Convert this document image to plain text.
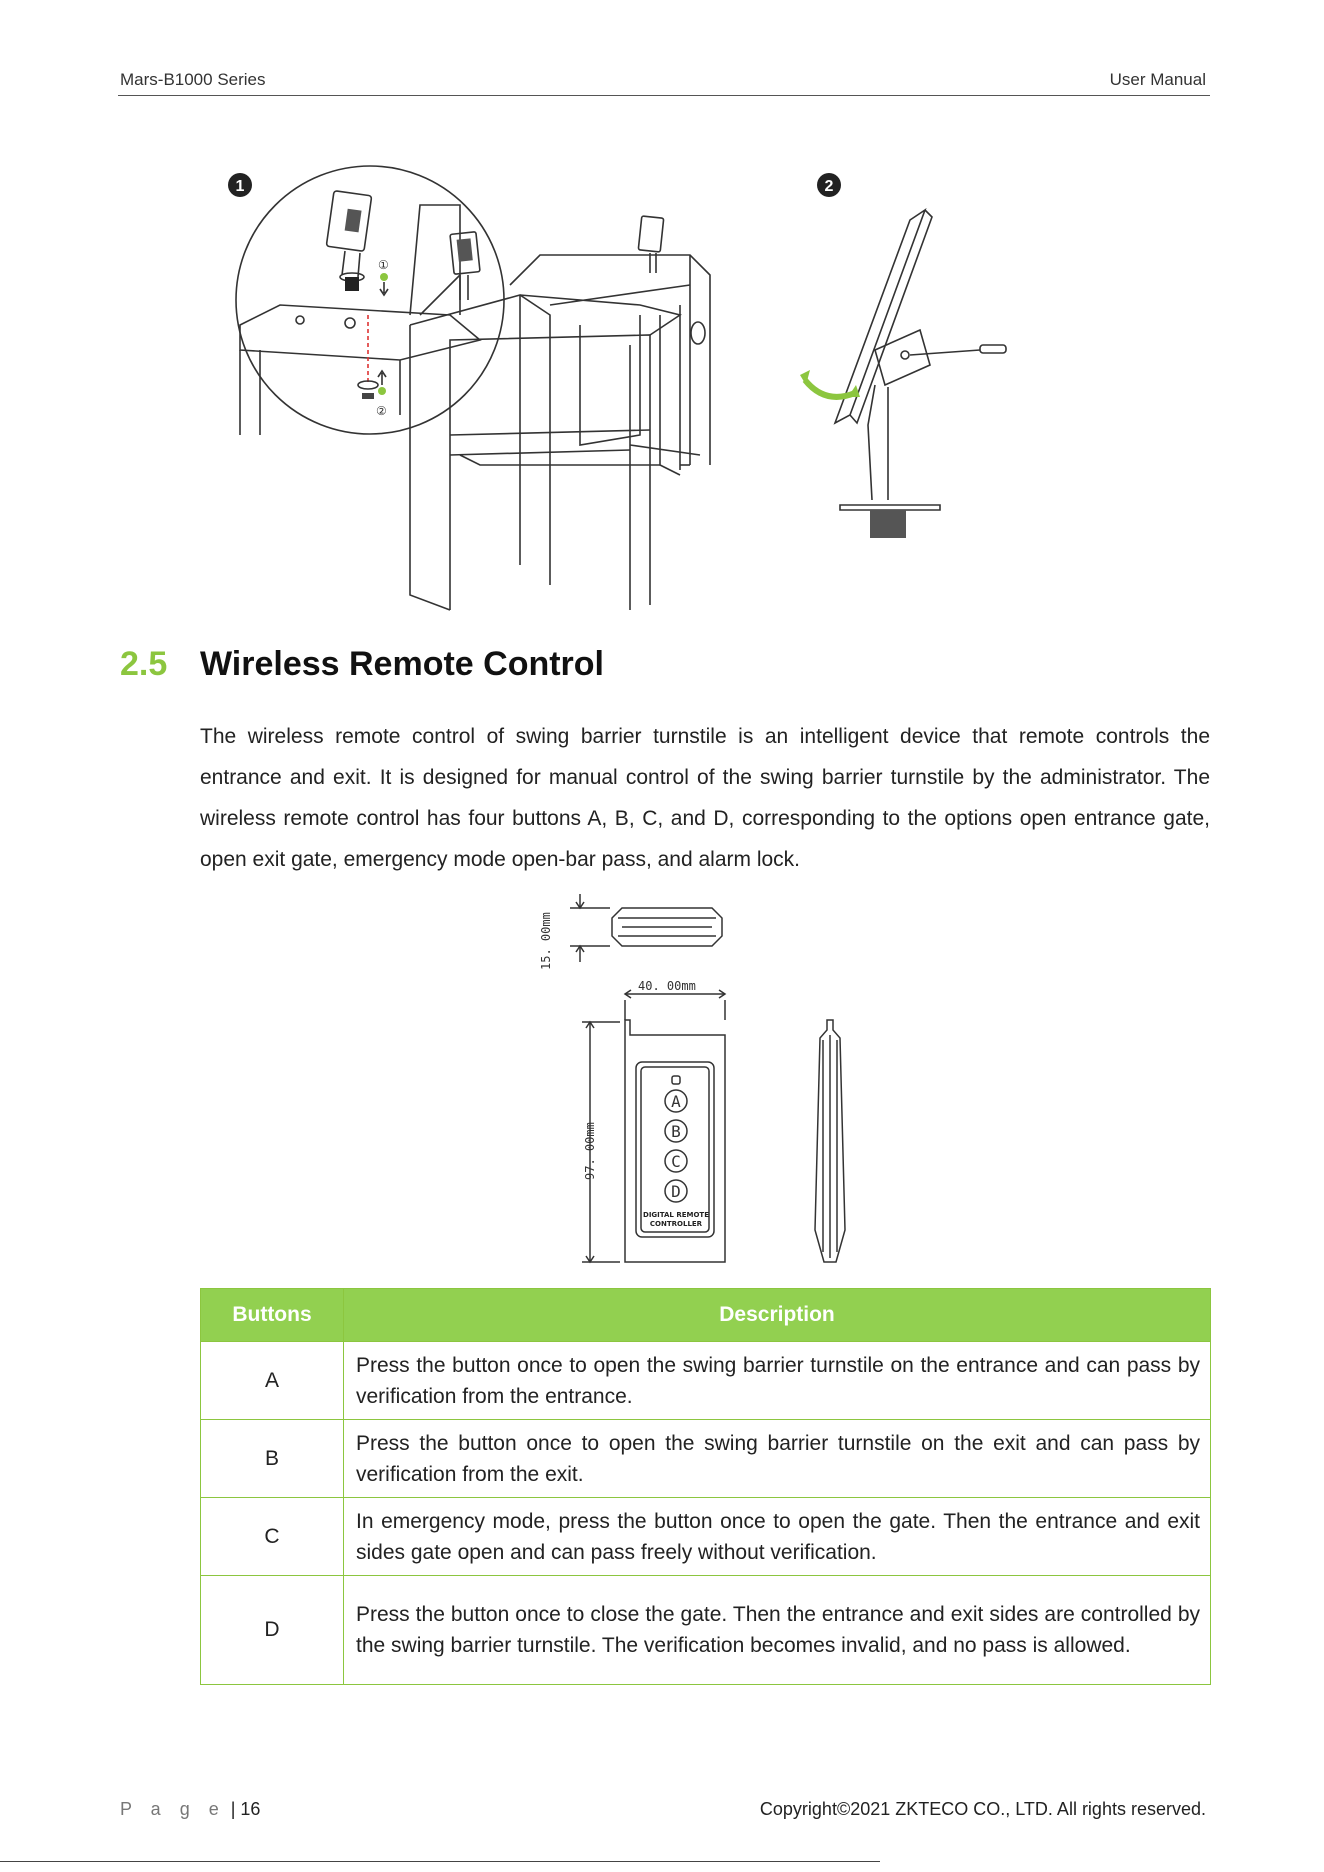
Mars-B1000 Series	User Manual
1
①
②
2
2.5 Wireless Remote Control
The wireless remote control of swing barrier turnstile is an intelligent device that remote controls the entrance and exit. It is designed for manual control of the swing barrier turnstile by the administrator. The wireless remote control has four buttons A, B, C, and D, corresponding to the options open entrance gate, open exit gate, emergency mode open-bar pass, and alarm lock.
15. 00mm
40. 00mm
A
B
C
D
DIGITAL REMOTE
CONTROLLER
97. 00mm
Buttons	Description
A	Press the button once to open the swing barrier turnstile on the entrance and can pass by verification from the entrance.
B	Press the button once to open the swing barrier turnstile on the exit and can pass by verification from the exit.
C	In emergency mode, press the button once to open the gate. Then the entrance and exit sides gate open and can pass freely without verification.
D	Press the button once to close the gate. Then the entrance and exit sides are controlled by the swing barrier turnstile. The verification becomes invalid, and no pass is allowed.
P a g e | 16	Copyright©2021 ZKTECO CO., LTD. All rights reserved.
